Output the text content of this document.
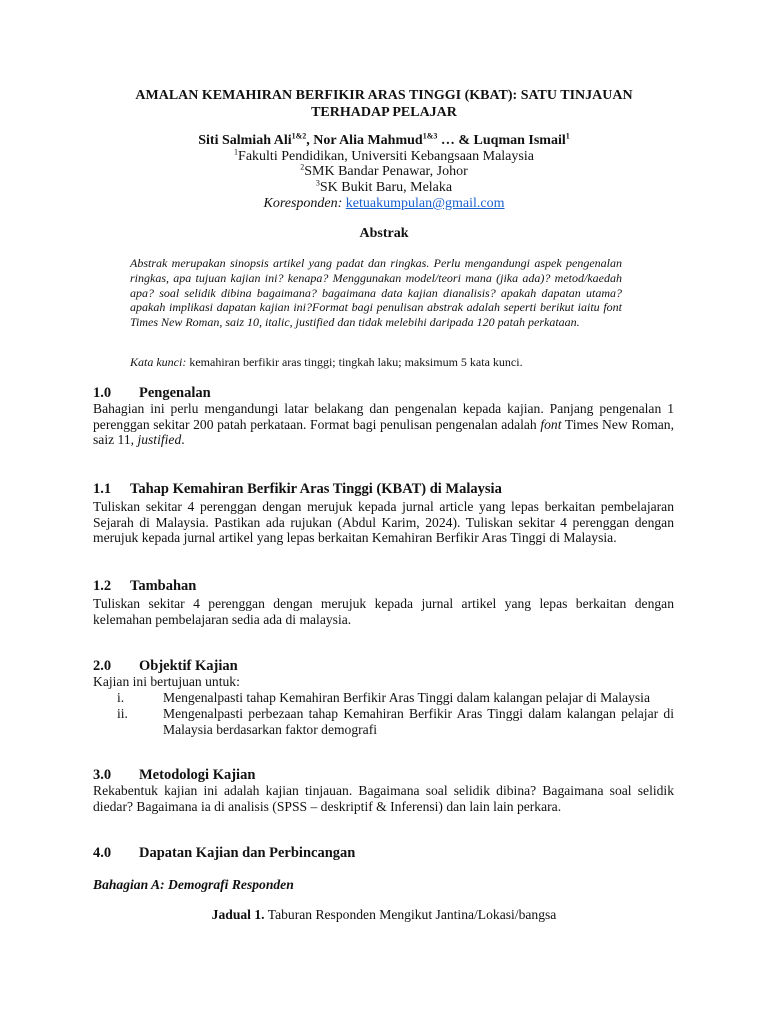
AMALAN KEMAHIRAN BERFIKIR ARAS TINGGI (KBAT): SATU TINJAUAN
TERHADAP PELAJAR
Siti Salmiah Ali$^{1\&2}$, Nor Alia Mahmud$^{1\&3}$ … & Luqman Ismail$^1$
$^1$Fakulti Pendidikan, Universiti Kebangsaan Malaysia
$^2$SMK Bandar Penawar, Johor
$^3$SK Bukit Baru, Melaka
Koresponden: ketuakumpulan@gmail.com
Abstrak
Abstrak merupakan sinopsis artikel yang padat dan ringkas. Perlu mengandungi aspek pengenalan ringkas, apa tujuan kajian ini? kenapa? Menggunakan model/teori mana (jika ada)? metod/kaedah apa? soal selidik dibina bagaimana? bagaimana data kajian dianalisis? apakah dapatan utama? apakah implikasi dapatan kajian ini?Format bagi penulisan abstrak adalah seperti berikut iaitu font Times New Roman, saiz 10, italic, justified dan tidak melebihi daripada 120 patah perkataan.
Kata kunci: kemahiran berfikir aras tinggi; tingkah laku; maksimum 5 kata kunci.
1.0 Pengenalan
Bahagian ini perlu mengandungi latar belakang dan pengenalan kepada kajian. Panjang pengenalan 1 perenggan sekitar 200 patah perkataan. Format bagi penulisan pengenalan adalah font Times New Roman, saiz 11, justified.
1.1 Tahap Kemahiran Berfikir Aras Tinggi (KBAT) di Malaysia
Tuliskan sekitar 4 perenggan dengan merujuk kepada jurnal article yang lepas berkaitan pembelajaran Sejarah di Malaysia. Pastikan ada rujukan (Abdul Karim, 2024). Tuliskan sekitar 4 perenggan dengan merujuk kepada jurnal artikel yang lepas berkaitan Kemahiran Berfikir Aras Tinggi di Malaysia.
1.2 Tambahan
Tuliskan sekitar 4 perenggan dengan merujuk kepada jurnal artikel yang lepas berkaitan dengan kelemahan pembelajaran sedia ada di malaysia.
2.0 Objektif Kajian
Kajian ini bertujuan untuk:
i.	Mengenalpasti tahap Kemahiran Berfikir Aras Tinggi dalam kalangan pelajar di Malaysia
ii.	Mengenalpasti perbezaan tahap Kemahiran Berfikir Aras Tinggi dalam kalangan pelajar di Malaysia berdasarkan faktor demografi
3.0 Metodologi Kajian
Rekabentuk kajian ini adalah kajian tinjauan. Bagaimana soal selidik dibina? Bagaimana soal selidik diedar? Bagaimana ia di analisis (SPSS – deskriptif & Inferensi) dan lain lain perkara.
4.0 Dapatan Kajian dan Perbincangan
Bahagian A: Demografi Responden
Jadual 1. Taburan Responden Mengikut Jantina/Lokasi/bangsa
